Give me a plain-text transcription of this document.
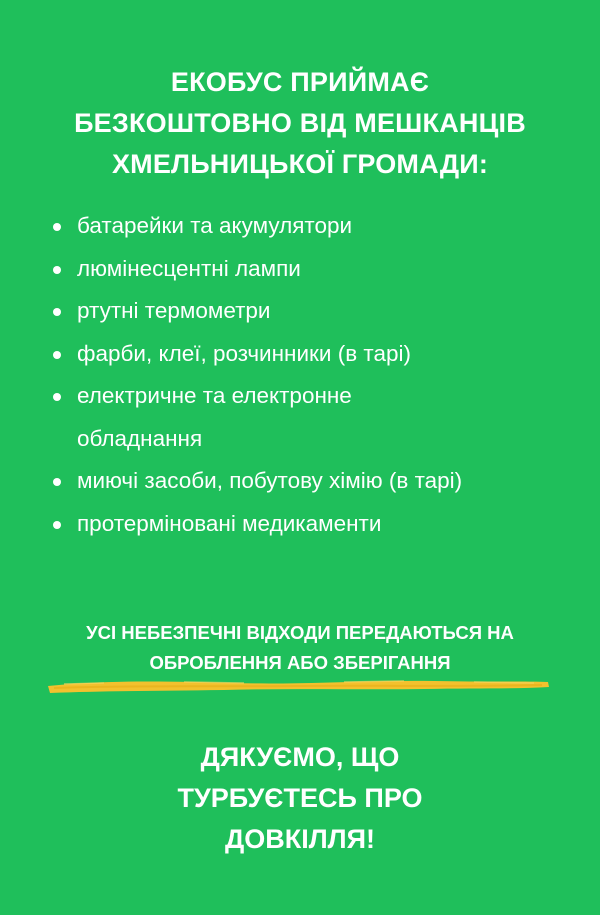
ЕКОБУС ПРИЙМАЄ
БЕЗКОШТОВНО ВІД МЕШКАНЦІВ
ХМЕЛЬНИЦЬКОЇ ГРОМАДИ:
батарейки та акумулятори
люмінесцентні лампи
ртутні термометри
фарби, клеї, розчинники (в тарі)
електричне та електронне
обладнання
миючі засоби, побутову хімію (в тарі)
протерміновані медикаменти
УСІ НЕБЕЗПЕЧНІ ВІДХОДИ ПЕРЕДАЮТЬСЯ НА
ОБРОБЛЕННЯ АБО ЗБЕРІГАННЯ
ДЯКУЄМО, ЩО
ТУРБУЄТЕСЬ ПРО
ДОВКІЛЛЯ!
